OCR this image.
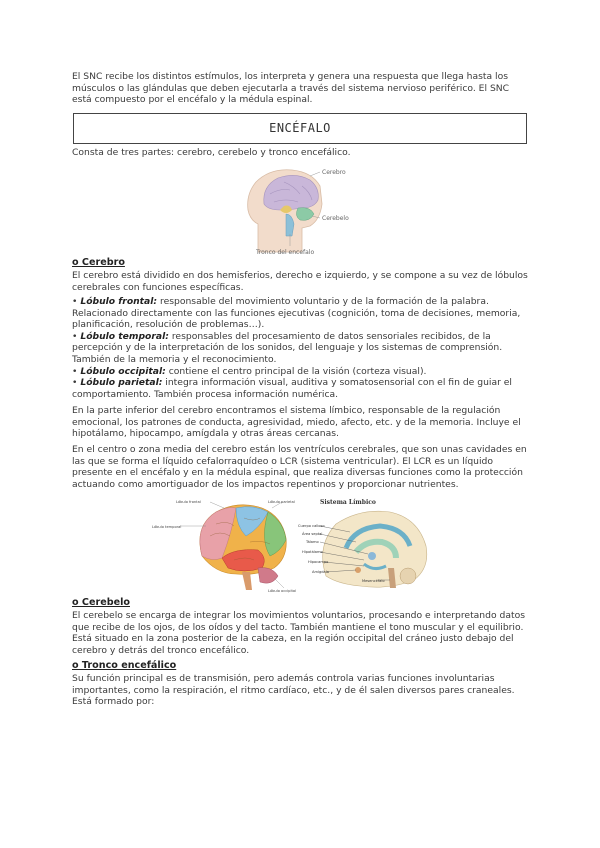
El SNC recibe los distintos estímulos, los interpreta y genera una respuesta que llega hasta los músculos o las glándulas que deben ejecutarla a través del sistema nervioso periférico. El SNC está compuesto por el encéfalo y la médula espinal.

ENCÉFALO

Consta de tres partes: cerebro, cerebelo y tronco encefálico.

Cerebro
Cerebelo
Tronco del encefalo

o Cerebro

El cerebro está dividido en dos hemisferios, derecho e izquierdo, y se compone a su vez de lóbulos cerebrales con funciones específicas.

• Lóbulo frontal: responsable del movimiento voluntario y de la formación de la palabra. Relacionado directamente con las funciones ejecutivas (cognición, toma de decisiones, memoria, planificación, resolución de problemas…).
• Lóbulo temporal: responsables del procesamiento de datos sensoriales recibidos, de la percepción y de la interpretación de los sonidos, del lenguaje y los sistemas de comprensión. También de la memoria y el reconocimiento.
• Lóbulo occipital: contiene el centro principal de la visión (corteza visual).
• Lóbulo parietal: integra información visual, auditiva y somatosensorial con el fin de guiar el comportamiento. También procesa información numérica.

En la parte inferior del cerebro encontramos el sistema límbico, responsable de la regulación emocional, los patrones de conducta, agresividad, miedo, afecto, etc. y de la memoria. Incluye el hipotálamo, hipocampo, amígdala y otras áreas cercanas.

En el centro o zona media del cerebro están los ventrículos cerebrales, que son unas cavidades en las que se forma el líquido cefalorraquídeo o LCR (sistema ventricular). El LCR es un líquido presente en el encéfalo y en la médula espinal, que realiza diversas funciones como la protección actuando como amortiguador de los impactos repentinos y proporcionar nutrientes.

Lóbulo frontal	Lóbulo parietal
Lóbulo temporal
Lóbulo occipital
Sistema Límbico
Cuerpo calloso
Área septal
Tálamo
Hipotálamo
Hipocampo
Amígdala
Mesencéfalo

o Cerebelo

El cerebelo se encarga de integrar los movimientos voluntarios, procesando e interpretando datos que recibe de los ojos, de los oídos y del tacto. También mantiene el tono muscular y el equilibrio. Está situado en la zona posterior de la cabeza, en la región occipital del cráneo justo debajo del cerebro y detrás del tronco encefálico.

o Tronco encefálico

Su función principal es de transmisión, pero además controla varias funciones involuntarias importantes, como la respiración, el ritmo cardíaco, etc., y de él salen diversos pares craneales. Está formado por:
